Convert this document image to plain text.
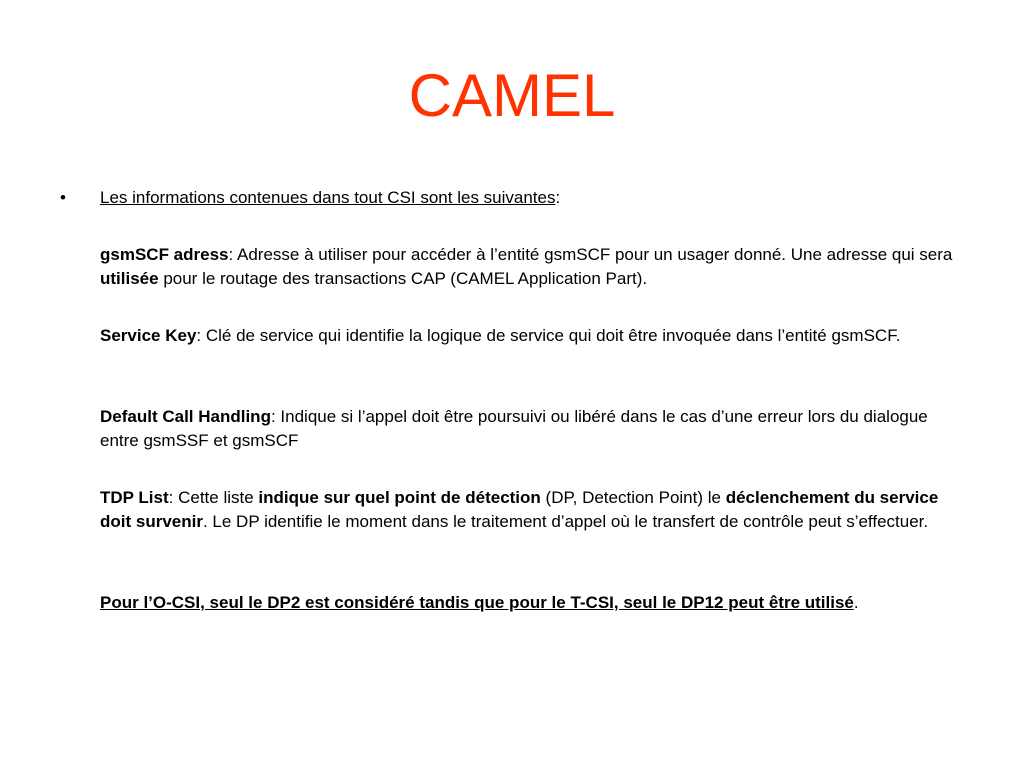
CAMEL
• Les informations contenues dans tout CSI sont les suivantes:

gsmSCF adress: Adresse à utiliser pour accéder à l’entité gsmSCF pour un usager donné. Une adresse qui sera utilisée pour le routage des transactions CAP (CAMEL Application Part).

Service Key: Clé de service qui identifie la logique de service qui doit être invoquée dans l’entité gsmSCF.

Default Call Handling: Indique si l’appel doit être poursuivi ou libéré dans le cas d’une erreur lors du dialogue entre gsmSSF et gsmSCF

TDP List: Cette liste indique sur quel point de détection (DP, Detection Point) le déclenchement du service doit survenir. Le DP identifie le moment dans le traitement d’appel où le transfert de contrôle peut s’effectuer.

Pour l’O-CSI, seul le DP2 est considéré tandis que pour le T-CSI, seul le DP12 peut être utilisé.
